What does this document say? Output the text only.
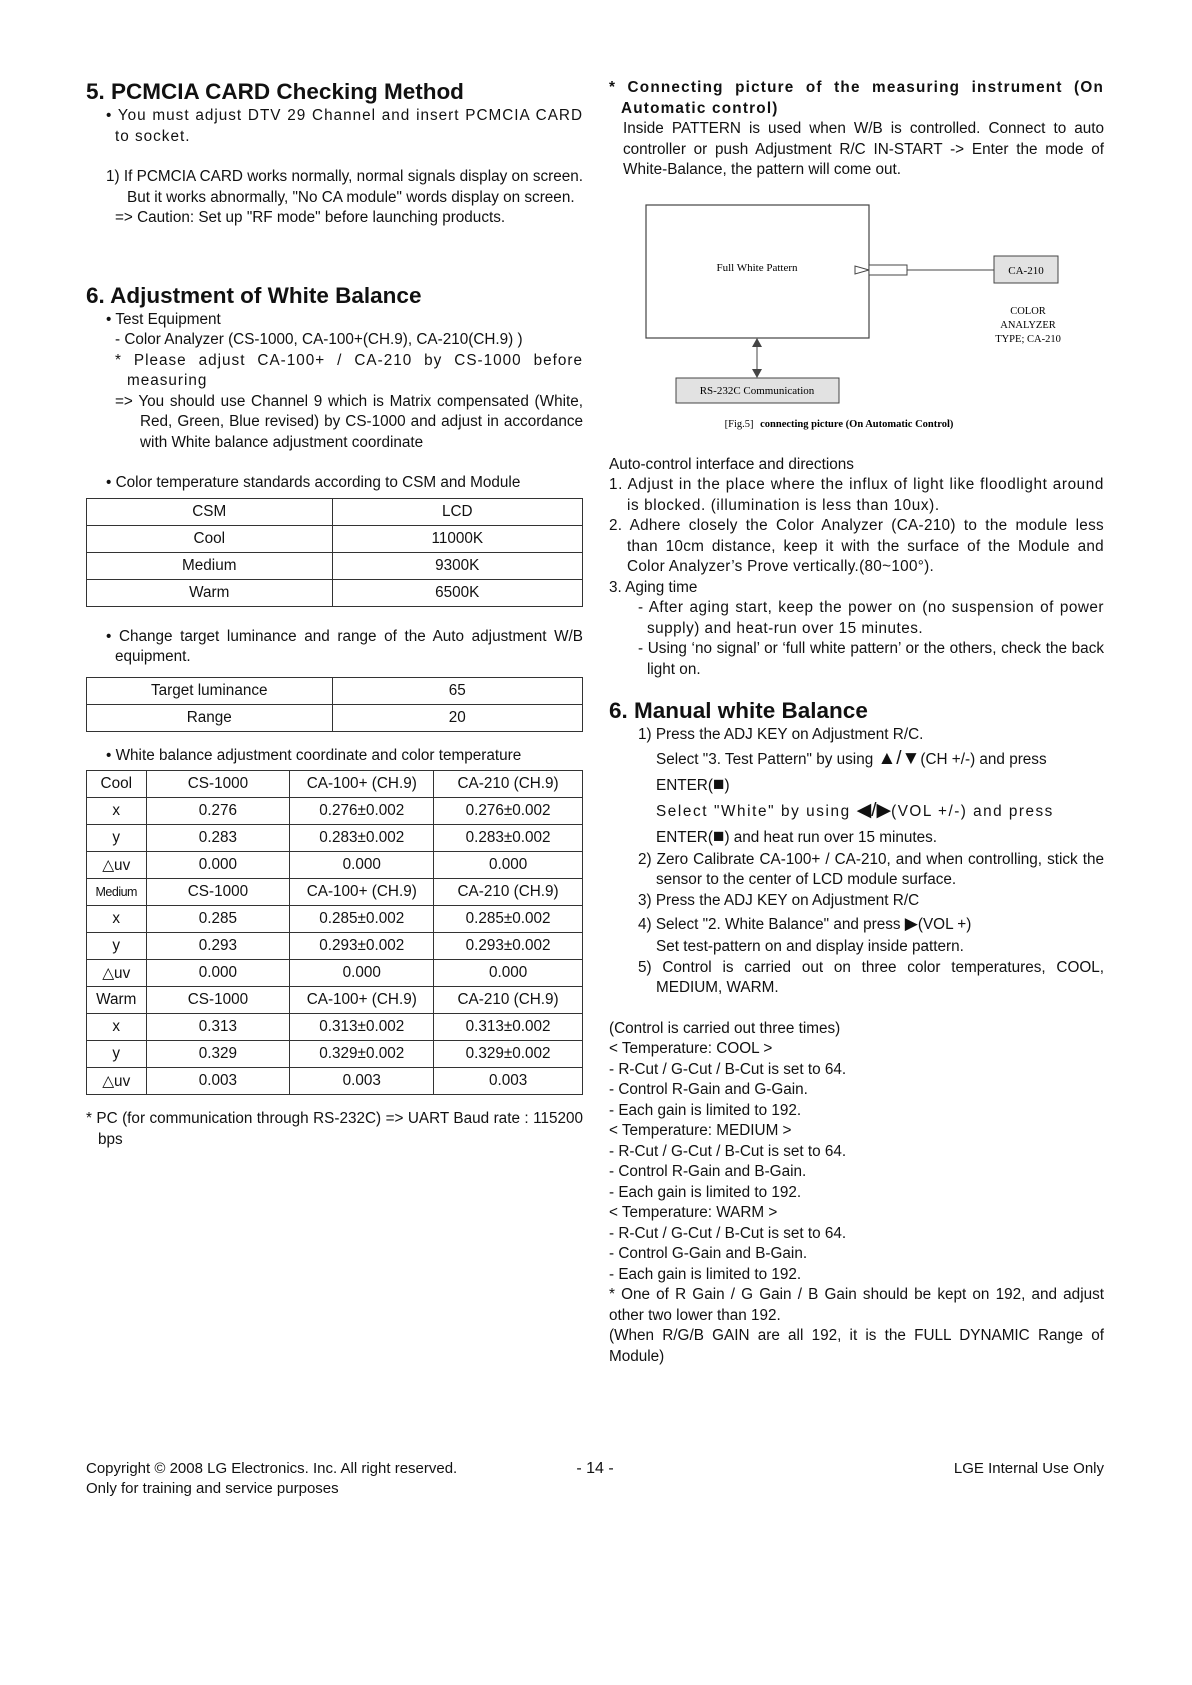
5. PCMCIA CARD Checking Method

• You must adjust DTV 29 Channel and insert PCMCIA CARD to socket.

1) If PCMCIA CARD works normally, normal signals display on screen. But it works abnormally, "No CA module" words display on screen.

=> Caution: Set up "RF mode" before launching products.

6. Adjustment of White Balance

• Test Equipment

- Color Analyzer (CS-1000, CA-100+(CH.9), CA-210(CH.9) )

* Please adjust CA-100+ / CA-210 by CS-1000 before measuring

=> You should use Channel 9 which is Matrix compensated (White, Red, Green, Blue revised) by CS-1000 and adjust in accordance with White balance adjustment coordinate

• Color temperature standards according to CSM and Module

CSM	LCD
Cool	11000K
Medium	9300K
Warm	6500K

• Change target luminance and range of the Auto adjustment W/B equipment.

Target luminance	65
Range	20

• White balance adjustment coordinate and color temperature

Cool	CS-1000	CA-100+ (CH.9)	CA-210 (CH.9)
x	0.276	0.276±0.002	0.276±0.002
y	0.283	0.283±0.002	0.283±0.002
△uv	0.000	0.000	0.000
Medium	CS-1000	CA-100+ (CH.9)	CA-210 (CH.9)
x	0.285	0.285±0.002	0.285±0.002
y	0.293	0.293±0.002	0.293±0.002
△uv	0.000	0.000	0.000
Warm	CS-1000	CA-100+ (CH.9)	CA-210 (CH.9)
x	0.313	0.313±0.002	0.313±0.002
y	0.329	0.329±0.002	0.329±0.002
△uv	0.003	0.003	0.003

* PC (for communication through RS-232C) => UART Baud rate : 115200 bps

* Connecting picture of the measuring instrument (On Automatic control)

Inside PATTERN is used when W/B is controlled. Connect to auto controller or push Adjustment R/C IN-START -> Enter the mode of White-Balance, the pattern will come out.

Full White Pattern	CA-210
COLOR
ANALYZER
TYPE; CA-210
RS-232C Communication
[Fig.5] connecting picture (On Automatic Control)

Auto-control interface and directions

1. Adjust in the place where the influx of light like floodlight around is blocked. (illumination is less than 10ux).

2. Adhere closely the Color Analyzer (CA-210) to the module less than 10cm distance, keep it with the surface of the Module and Color Analyzer’s Prove vertically.(80~100°).

3. Aging time

- After aging start, keep the power on (no suspension of power supply) and heat-run over 15 minutes.

- Using ‘no signal’ or ‘full white pattern’ or the others, check the back light on.

6. Manual white Balance

1) Press the ADJ KEY on Adjustment R/C.

Select "3. Test Pattern" by using ▲/▼(CH +/-) and press
ENTER(■)

Select "White" by using ◀/▶(VOL +/-) and press
ENTER(■) and heat run over 15 minutes.

2) Zero Calibrate CA-100+ / CA-210, and when controlling, stick the sensor to the center of LCD module surface.

3) Press the ADJ KEY on Adjustment R/C

4) Select "2. White Balance" and press ▶(VOL +)

Set test-pattern on and display inside pattern.

5) Control is carried out on three color temperatures, COOL, MEDIUM, WARM.

(Control is carried out three times)

< Temperature: COOL >

- R-Cut / G-Cut / B-Cut is set to 64.

- Control R-Gain and G-Gain.

- Each gain is limited to 192.

< Temperature: MEDIUM >

- R-Cut / G-Cut / B-Cut is set to 64.

- Control R-Gain and B-Gain.

- Each gain is limited to 192.

< Temperature: WARM >

- R-Cut / G-Cut / B-Cut is set to 64.

- Control G-Gain and B-Gain.

- Each gain is limited to 192.

* One of R Gain / G Gain / B Gain should be kept on 192, and adjust other two lower than 192.

(When R/G/B GAIN are all 192, it is the FULL DYNAMIC Range of Module)

Copyright © 2008 LG Electronics. Inc. All right reserved.
Only for training and service purposes
- 14 -	LGE Internal Use Only
